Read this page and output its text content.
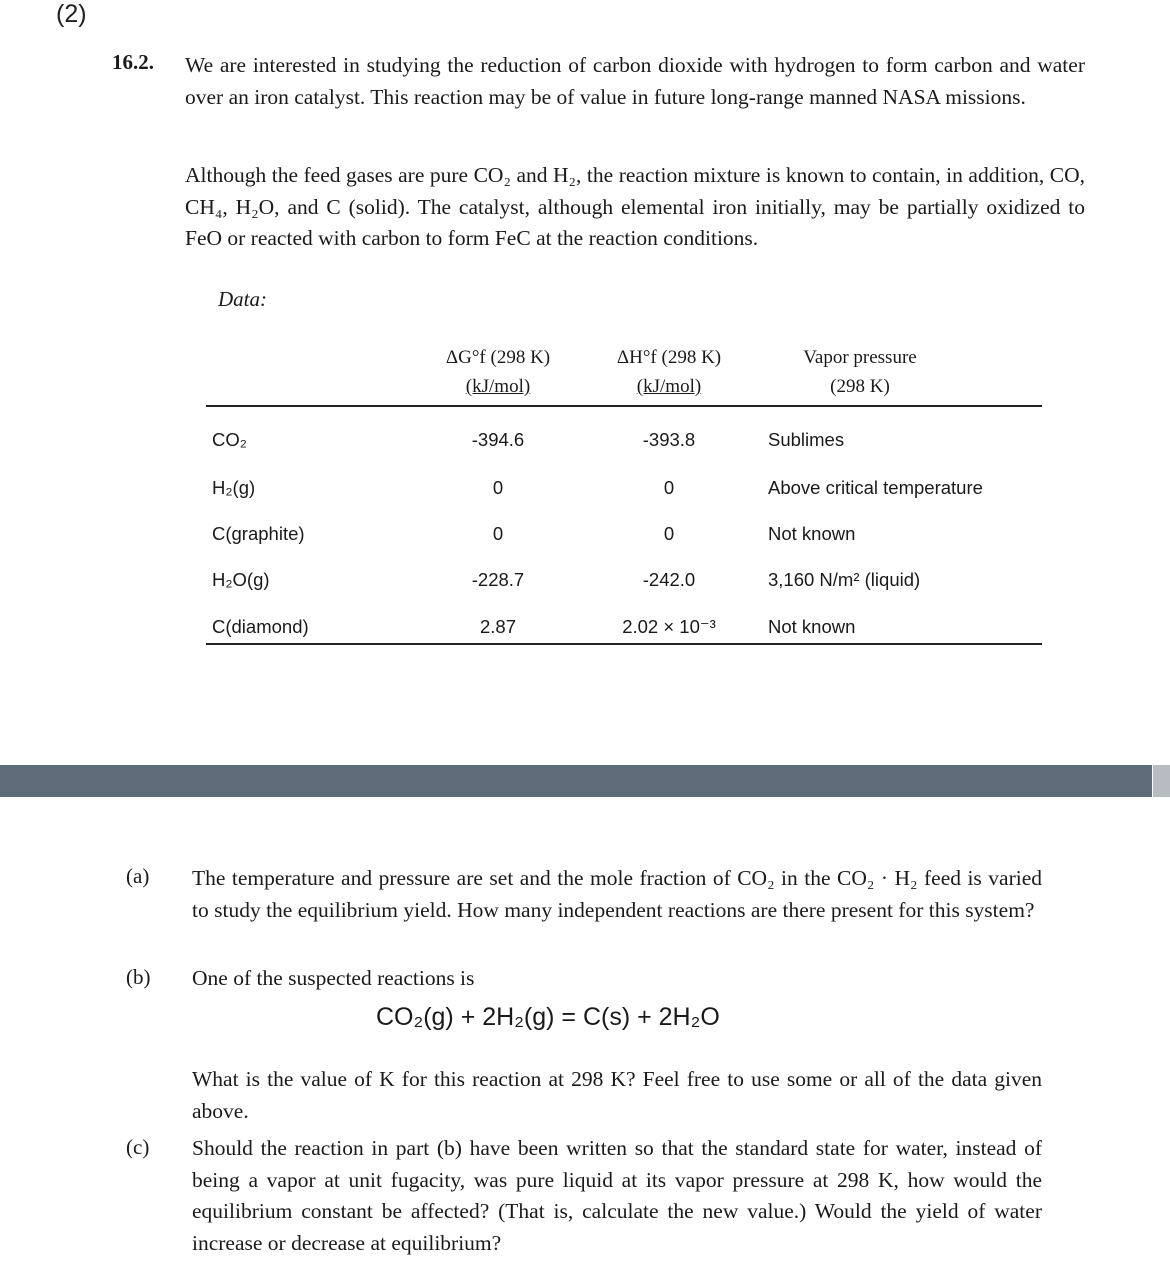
(2)
16.2. We are interested in studying the reduction of carbon dioxide with hydrogen to form carbon and water over an iron catalyst. This reaction may be of value in future long-range manned NASA missions.
Although the feed gases are pure CO₂ and H₂, the reaction mixture is known to contain, in addition, CO, CH₄, H₂O, and C (solid). The catalyst, although elemental iron initially, may be partially oxidized to FeO or reacted with carbon to form FeC at the reaction conditions.
Data:
ΔG°f (298 K)
(kJ/mol)
ΔH°f (298 K)
(kJ/mol)
Vapor pressure
(298 K)
CO₂	-394.6	-393.8	Sublimes
H₂(g)	0	0	Above critical temperature
C(graphite)	0	0	Not known
H₂O(g)	-228.7	-242.0	3,160 N/m² (liquid)
C(diamond)	2.87	2.02 × 10⁻³	Not known
(a) The temperature and pressure are set and the mole fraction of CO₂ in the CO₂ · H₂ feed is varied to study the equilibrium yield. How many independent reactions are there present for this system?
(b) One of the suspected reactions is
CO₂(g) + 2H₂(g) = C(s) + 2H₂O
What is the value of K for this reaction at 298 K? Feel free to use some or all of the data given above.
(c) Should the reaction in part (b) have been written so that the standard state for water, instead of being a vapor at unit fugacity, was pure liquid at its vapor pressure at 298 K, how would the equilibrium constant be affected? (That is, calculate the new value.) Would the yield of water increase or decrease at equilibrium?
